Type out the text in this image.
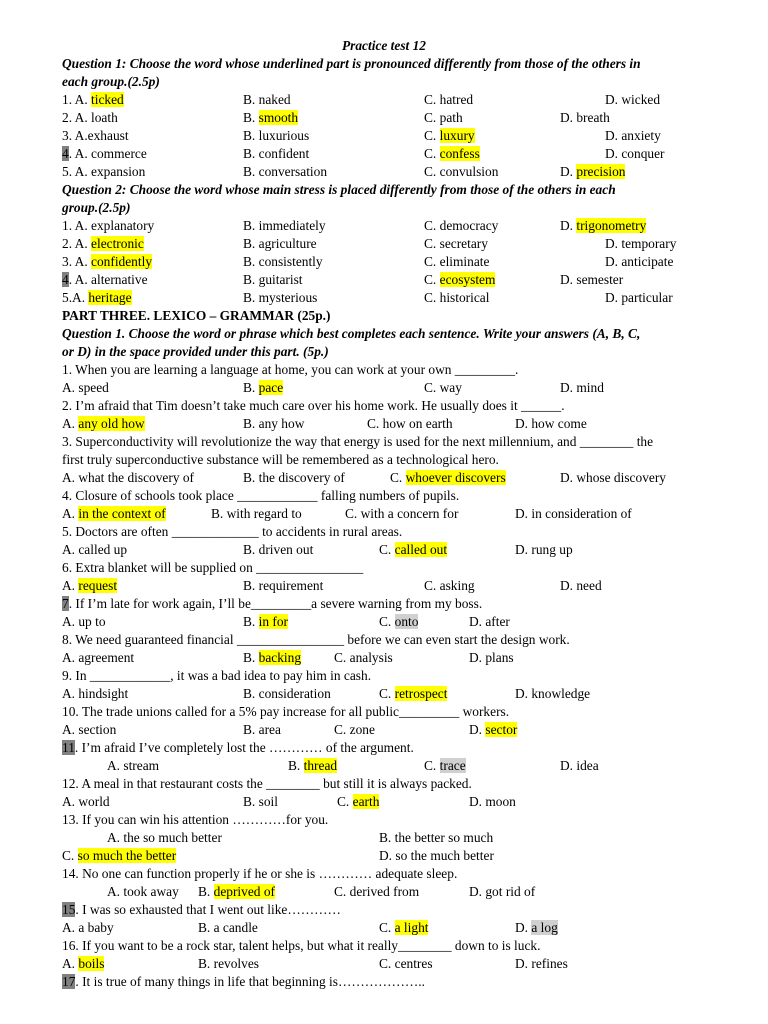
Practice test 12
Question 1: Choose the word whose underlined part is pronounced differently from those of the others in
each group.(2.5p)
1. A. ticked	B. naked	C. hatred	D. wicked
2. A. loath	B. smooth	C. path	D. breath
3. A.exhaust	B. luxurious	C. luxury	D. anxiety
4. A. commerce	B. confident	C. confess	D. conquer
5. A. expansion	B. conversation	C. convulsion	D. precision
Question 2: Choose the word whose main stress is placed differently from those of the others in each
group.(2.5p)
1. A. explanatory	B. immediately	C. democracy	D. trigonometry
2. A. electronic	B. agriculture	C. secretary	D. temporary
3. A. confidently	B. consistently	C. eliminate	D. anticipate
4. A. alternative	B. guitarist	C. ecosystem	D. semester
5.A. heritage	B. mysterious	C. historical	D. particular
PART THREE. LEXICO – GRAMMAR (25p.)
Question 1. Choose the word or phrase which best completes each sentence. Write your answers (A, B, C,
or D) in the space provided under this part. (5p.)
1. When you are learning a language at home, you can work at your own _________.
A. speed	B. pace	C. way	D. mind
2. I’m afraid that Tim doesn’t take much care over his home work. He usually does it ______.
A. any old how	B. any how	C. how on earth	D. how come
3. Superconductivity will revolutionize the way that energy is used for the next millennium, and ________ the
first truly superconductive substance will be remembered as a technological hero.
A. what the discovery of	B. the discovery of	C. whoever discovers	D. whose discovery
4. Closure of schools took place ____________ falling numbers of pupils.
A. in the context of	B. with regard to	C. with a concern for	D. in consideration of
5. Doctors are often _____________ to accidents in rural areas.
A. called up	B. driven out	C. called out	D. rung up
6. Extra blanket will be supplied on ________________
A. request	B. requirement	C. asking	D. need
7. If I’m late for work again, I’ll be_________a severe warning from my boss.
A. up to	B. in for	C. onto	D. after
8. We need guaranteed financial ________________ before we can even start the design work.
A. agreement	B. backing C. analysis	D. plans
9. In ____________, it was a bad idea to pay him in cash.
A. hindsight	B. consideration	C. retrospect	D. knowledge
10. The trade unions called for a 5% pay increase for all public_________ workers.
A. section	B. area	C. zone	D. sector
11. I’m afraid I’ve completely lost the ………… of the argument.
A. stream	B. thread	C. trace	D. idea
12. A meal in that restaurant costs the ________ but still it is always packed.
A. world	B. soil	C. earth	D. moon
13. If you can win his attention …………for you.
A. the so much better	B. the better so much
C. so much the better	D. so the much better
14. No one can function properly if he or she is ………… adequate sleep.
A. took away B. deprived of	C. derived from	D. got rid of
15. I was so exhausted that I went out like…………
A. a baby	B. a candle	C. a light	D. a log
16. If you want to be a rock star, talent helps, but what it really________ down to is luck.
A. boils	B. revolves	C. centres	D. refines
17. It is true of many things in life that beginning is………………..
